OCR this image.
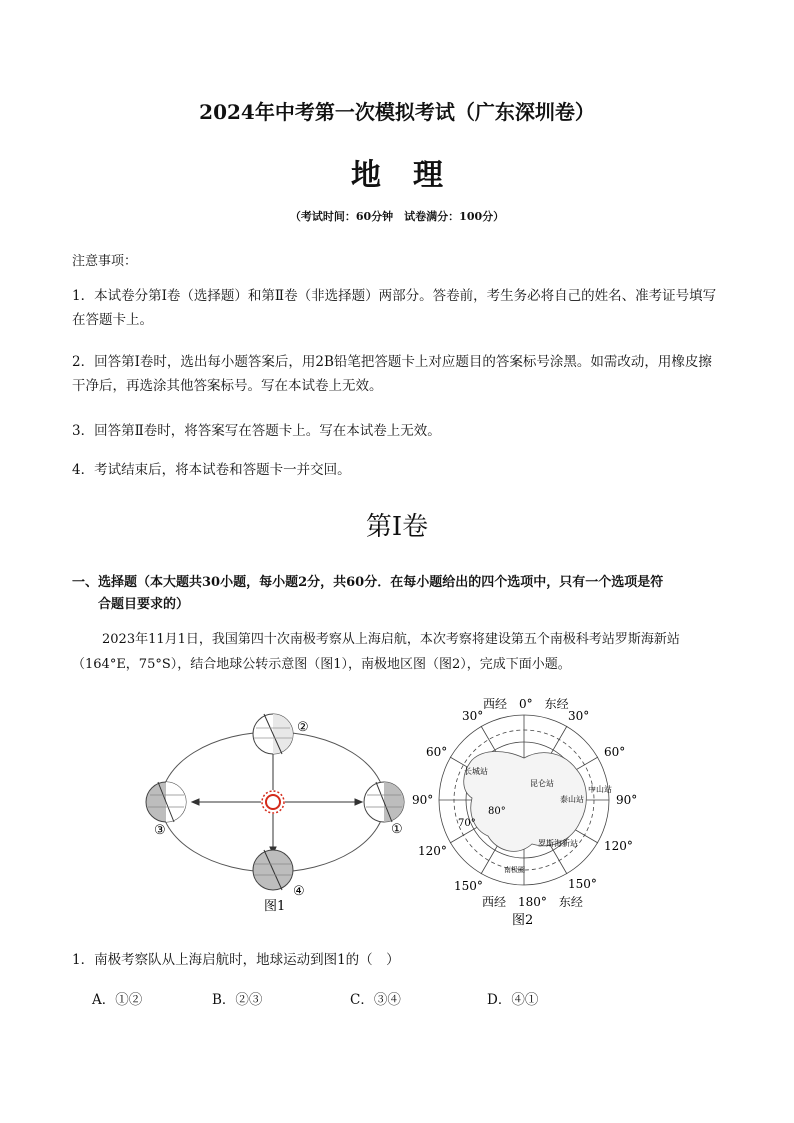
2024年中考第一次模拟考试（广东深圳卷）
地理
（考试时间：60分钟　试卷满分：100分）
注意事项：
1．本试卷分第Ⅰ卷（选择题）和第Ⅱ卷（非选择题）两部分。答卷前，考生务必将自己的姓名、准考证号填写在答题卡上。
2．回答第Ⅰ卷时，选出每小题答案后，用2B铅笔把答题卡上对应题目的答案标号涂黑。如需改动，用橡皮擦干净后，再选涂其他答案标号。写在本试卷上无效。
3．回答第Ⅱ卷时，将答案写在答题卡上。写在本试卷上无效。
4．考试结束后，将本试卷和答题卡一并交回。
第Ⅰ卷
一、选择题（本大题共30小题，每小题2分，共60分．在每小题给出的四个选项中，只有一个选项是符
合题目要求的）
2023年11月1日，我国第四十次南极考察从上海启航，本次考察将建设第五个南极科考站罗斯海新站（164°E，75°S），结合地球公转示意图（图1），南极地区图（图2），完成下面小题。
②
①
③
④
图1
西经　0°　东经
30°	30°
60°	60°
90°	90°
120°	120°
150°	150°
西经　180°　东经
80°
70°
长城站
昆仑站
中山站
泰山站
罗斯海新站
南极圈
图2
1．南极考察队从上海启航时，地球运动到图1的（　）
A．①②	B．②③	C．③④	D．④①
